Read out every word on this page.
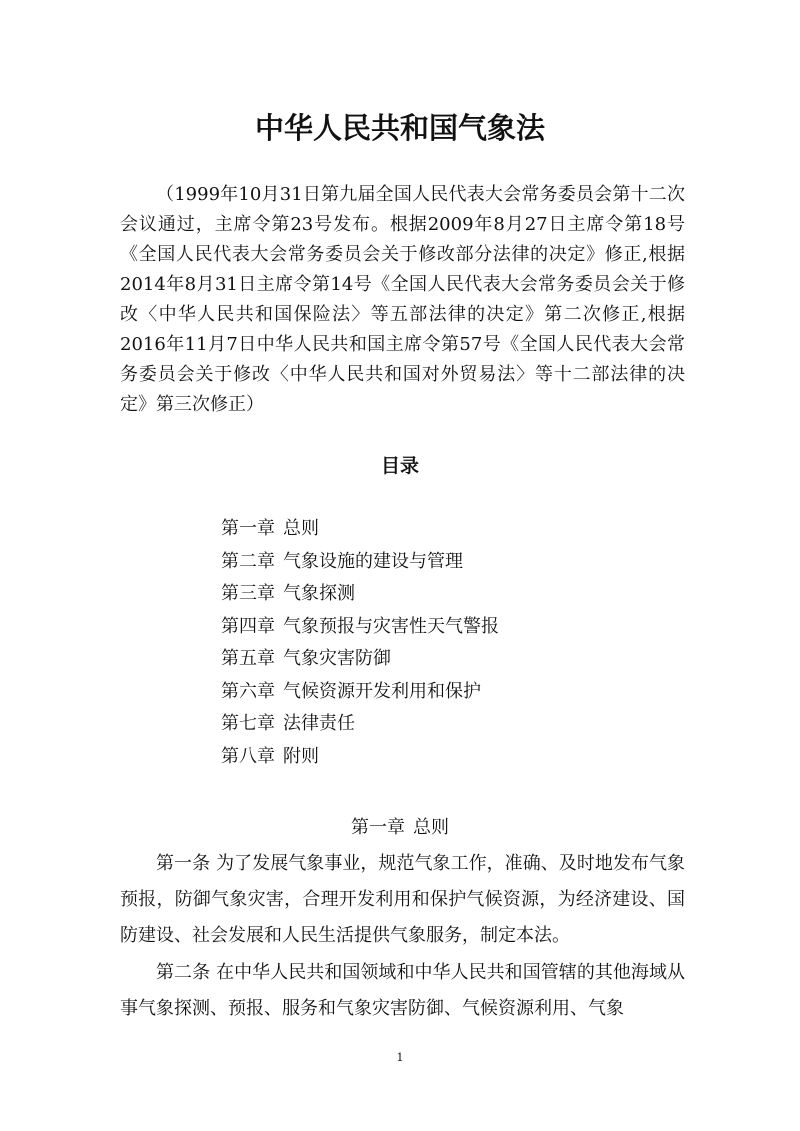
中华人民共和国气象法

（1999年10月31日第九届全国人民代表大会常务委员会第十二次会议通过，主席令第23号发布。根据2009年8月27日主席令第18号《全国人民代表大会常务委员会关于修改部分法律的决定》修正,根据2014年8月31日主席令第14号《全国人民代表大会常务委员会关于修改〈中华人民共和国保险法〉等五部法律的决定》第二次修正,根据2016年11月7日中华人民共和国主席令第57号《全国人民代表大会常务委员会关于修改〈中华人民共和国对外贸易法〉等十二部法律的决定》第三次修正）

目录
第一章 总则
第二章 气象设施的建设与管理
第三章 气象探测
第四章 气象预报与灾害性天气警报
第五章 气象灾害防御
第六章 气候资源开发利用和保护
第七章 法律责任
第八章 附则
第一章 总则

第一条 为了发展气象事业，规范气象工作，准确、及时地发布气象预报，防御气象灾害，合理开发利用和保护气候资源，为经济建设、国防建设、社会发展和人民生活提供气象服务，制定本法。

第二条 在中华人民共和国领域和中华人民共和国管辖的其他海域从事气象探测、预报、服务和气象灾害防御、气候资源利用、气象

1
